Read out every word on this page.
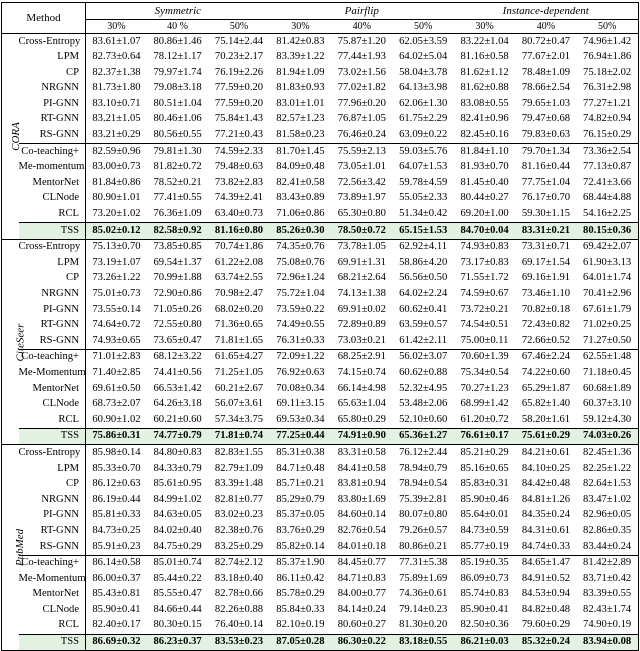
Method		Symmetric			Pairflip			Instance-dependent		
		30%	40 %	50%	30%	40%	50%	30%	40%	50%
CORA	Cross-Entropy	83.61±1.07	80.86±1.46	75.14±2.44	81.42±0.83	75.87±1.20	62.05±3.59	83.22±1.04	80.72±0.47	74.96±1.42
	LPM	82.73±0.64	78.12±1.17	70.23±2.17	83.39±1.22	77.44±1.93	64.02±5.04	81.16±0.58	77.67±2.01	76.94±1.86
	CP	82.37±1.38	79.97±1.74	76.19±2.26	81.94±1.09	73.02±1.56	58.04±3.78	81.62±1.12	78.48±1.09	75.18±2.02
	NRGNN	81.73±1.80	79.08±3.18	77.59±0.20	81.83±0.93	77.02±1.82	64.13±3.98	81.62±0.88	78.66±2.54	76.31±2.98
	PI-GNN	83.10±0.71	80.51±1.04	77.59±0.20	83.01±1.01	77.96±0.20	62.06±1.30	83.08±0.55	79.65±1.03	77.27±1.21
	RT-GNN	83.21±1.05	80.46±1.06	75.84±1.43	82.57±1.23	76.87±1.05	61.75±2.29	82.41±0.96	79.47±0.68	74.82±0.94
	RS-GNN	83.21±0.29	80.56±0.55	77.21±0.43	81.58±0.23	76.46±0.24	63.09±0.22	82.45±0.16	79.83±0.63	76.15±0.29
	Co-teaching+	82.59±0.96	79.81±1.30	74.59±2.33	81.70±1.45	75.59±2.13	59.03±5.76	81.84±1.10	79.70±1.34	73.36±2.54
	Me-momentum	83.00±0.73	81.82±0.72	79.48±0.63	84.09±0.48	73.05±1.01	64.07±1.53	81.93±0.70	81.16±0.44	77.13±0.87
	MentorNet	81.84±0.86	78.52±0.21	73.82±2.83	82.41±0.58	72.56±3.42	59.78±4.59	81.45±0.40	77.75±1.04	72.41±3.66
	CLNode	80.90±1.01	77.41±0.55	74.39±2.41	83.43±0.89	73.89±1.97	55.05±2.33	80.44±0.27	76.17±0.70	68.44±4.88
	RCL	73.20±1.02	76.36±1.09	63.40±0.73	71.06±0.86	65.30±0.80	51.34±0.42	69.20±1.00	59.30±1.15	54.16±2.25
	TSS	85.02±0.12	82.58±0.92	81.16±0.80	85.26±0.30	78.50±0.72	65.15±1.53	84.70±0.04	83.31±0.21	80.15±0.36
CiteSeer	Cross-Entropy	75.13±0.70	73.85±0.85	70.74±1.86	74.35±0.76	73.78±1.05	62.92±4.11	74.93±0.83	73.31±0.71	69.42±2.07
	LPM	73.19±1.07	69.54±1.37	61.22±2.08	75.08±0.76	69.91±1.31	58.86±4.20	73.17±0.83	69.17±1.54	61.90±3.13
	CP	73.26±1.22	70.99±1.88	63.74±2.55	72.96±1.24	68.21±2.64	56.56±0.50	71.55±1.72	69.16±1.91	64.01±1.74
	NRGNN	75.01±0.73	72.90±0.86	70.98±2.47	75.72±1.04	74.13±1.38	64.02±2.24	74.59±0.67	73.46±1.10	70.41±2.96
	PI-GNN	73.55±0.14	71.05±0.26	68.02±0.20	73.59±0.22	69.91±0.02	60.62±0.41	73.72±0.21	70.82±0.18	67.61±1.79
	RT-GNN	74.64±0.72	72.55±0.80	71.36±0.65	74.49±0.55	72.89±0.89	63.59±0.57	74.54±0.51	72.43±0.82	71.02±0.25
	RS-GNN	74.93±0.65	73.65±0.47	71.81±1.65	76.31±0.33	73.03±0.21	61.42±2.11	75.00±0.11	72.66±0.52	71.27±0.50
	Co-teaching+	71.01±2.83	68.12±3.22	61.65±4.27	72.09±1.22	68.25±2.91	56.02±3.07	70.60±1.39	67.46±2.24	62.55±1.48
	Me-Momentum	71.40±2.85	74.41±0.56	71.25±1.05	76.92±0.63	74.15±0.74	60.62±0.88	75.34±0.54	74.22±0.60	71.18±0.45
	MentorNet	69.61±0.50	66.53±1.42	60.21±2.67	70.08±0.34	66.14±4.98	52.32±4.95	70.27±1.23	65.29±1.87	60.68±1.89
	CLNode	68.73±2.07	64.26±3.18	56.07±3.61	69.11±3.15	65.63±1.04	53.48±2.06	68.99±1.42	65.82±1.40	60.37±3.10
	RCL	60.90±1.02	60.21±0.60	57.34±3.75	69.53±0.34	65.80±0.29	52.10±0.60	61.20±0.72	58.20±1.61	59.12±4.30
	TSS	75.86±0.31	74.77±0.79	71.81±0.74	77.25±0.44	74.91±0.90	65.36±1.27	76.61±0.17	75.61±0.29	74.03±0.26
PubMed	Cross-Entropy	85.98±0.14	84.80±0.83	82.83±1.55	85.31±0.38	83.31±0.58	76.12±2.44	85.21±0.29	84.21±0.61	82.45±1.36
	LPM	85.33±0.70	84.33±0.79	82.79±1.09	84.71±0.48	84.41±0.58	78.94±0.79	85.16±0.65	84.10±0.25	82.25±1.22
	CP	86.12±0.63	85.61±0.95	83.39±1.48	85.71±0.21	83.81±0.94	78.94±0.54	85.83±0.31	84.42±0.48	82.64±1.53
	NRGNN	86.19±0.44	84.99±1.02	82.81±0.77	85.29±0.79	83.80±1.69	75.39±2.81	85.90±0.46	84.81±1.26	83.47±1.02
	PI-GNN	85.81±0.33	84.63±0.05	83.02±0.23	85.37±0.05	84.60±0.14	80.07±0.80	85.64±0.01	84.35±0.24	82.96±0.05
	RT-GNN	84.73±0.25	84.02±0.40	82.38±0.76	83.76±0.29	82.76±0.54	79.26±0.57	84.73±0.59	84.31±0.61	82.86±0.35
	RS-GNN	85.91±0.23	84.75±0.29	83.25±0.29	85.82±0.14	84.01±0.18	80.86±0.21	85.77±0.19	84.74±0.33	83.44±0.24
	Co-teaching+	86.14±0.58	85.01±0.74	82.74±2.12	85.37±1.90	84.45±0.77	77.31±5.38	85.19±0.35	84.65±1.47	81.42±2.89
	Me-Momentum	86.00±0.37	85.44±0.22	83.18±0.40	86.11±0.42	84.71±0.83	75.89±1.69	86.09±0.73	84.91±0.52	83.71±0.42
	MentorNet	85.43±0.81	85.55±0.47	82.78±0.66	85.78±0.29	84.00±0.77	74.36±0.61	85.74±0.83	84.53±0.94	83.39±0.55
	CLNode	85.90±0.41	84.66±0.44	82.26±0.88	85.84±0.33	84.14±0.24	79.14±0.23	85.90±0.41	84.82±0.48	82.43±1.74
	RCL	82.40±0.17	80.30±0.15	76.40±0.14	82.10±0.19	80.60±0.27	81.30±0.20	82.50±0.36	79.60±0.29	74.90±0.19
	TSS	86.69±0.32	86.23±0.37	83.53±0.23	87.05±0.28	86.30±0.22	83.18±0.55	86.21±0.03	85.32±0.24	83.94±0.08
